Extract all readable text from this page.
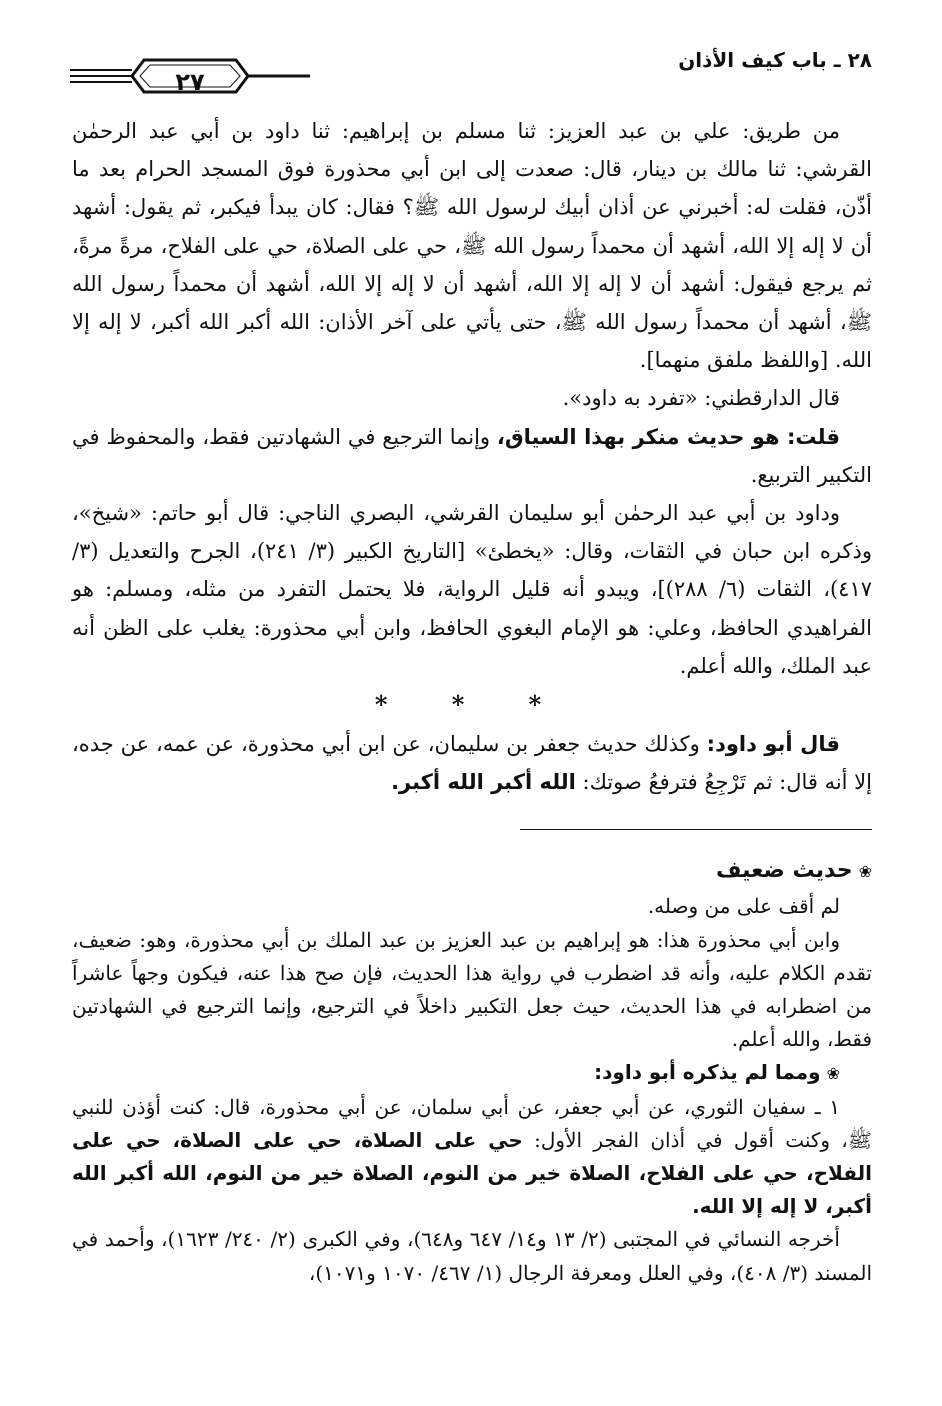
٢٧
٢٨ ـ باب كيف الأذان

من طريق: علي بن عبد العزيز: ثنا مسلم بن إبراهيم: ثنا داود بن أبي عبد الرحمٰن القرشي: ثنا مالك بن دينار، قال: صعدت إلى ابن أبي محذورة فوق المسجد الحرام بعد ما أذّن، فقلت له: أخبرني عن أذان أبيك لرسول الله ﷺ؟ فقال: كان يبدأ فيكبر، ثم يقول: أشهد أن لا إله إلا الله، أشهد أن محمداً رسول الله ﷺ، حي على الصلاة، حي على الفلاح، مرةً مرةً، ثم يرجع فيقول: أشهد أن لا إله إلا الله، أشهد أن لا إله إلا الله، أشهد أن محمداً رسول الله ﷺ، أشهد أن محمداً رسول الله ﷺ، حتى يأتي على آخر الأذان: الله أكبر الله أكبر، لا إله إلا الله. [واللفظ ملفق منهما].

قال الدارقطني: «تفرد به داود».

قلت: هو حديث منكر بهذا السياق، وإنما الترجيع في الشهادتين فقط، والمحفوظ في التكبير التربيع.

وداود بن أبي عبد الرحمٰن أبو سليمان القرشي، البصري الناجي: قال أبو حاتم: «شيخ»، وذكره ابن حبان في الثقات، وقال: «يخطئ» [التاريخ الكبير (٣/ ٢٤١)، الجرح والتعديل (٣/ ٤١٧)، الثقات (٦/ ٢٨٨)]، ويبدو أنه قليل الرواية، فلا يحتمل التفرد من مثله، ومسلم: هو الفراهيدي الحافظ، وعلي: هو الإمام البغوي الحافظ، وابن أبي محذورة: يغلب على الظن أنه عبد الملك، والله أعلم.

* * *

قال أبو داود: وكذلك حديث جعفر بن سليمان، عن ابن أبي محذورة، عن عمه، عن جده، إلا أنه قال: ثم تَرْجِعُ فترفعُ صوتك: الله أكبر الله أكبر.

❀حديث ضعيف

لم أقف على من وصله.

وابن أبي محذورة هذا: هو إبراهيم بن عبد العزيز بن عبد الملك بن أبي محذورة، وهو: ضعيف، تقدم الكلام عليه، وأنه قد اضطرب في رواية هذا الحديث، فإن صح هذا عنه، فيكون وجهاً عاشراً من اضطرابه في هذا الحديث، حيث جعل التكبير داخلاً في الترجيع، وإنما الترجيع في الشهادتين فقط، والله أعلم.

❀ومما لم يذكره أبو داود:

١ ـ سفيان الثوري، عن أبي جعفر، عن أبي سلمان، عن أبي محذورة، قال: كنت أؤذن للنبي ﷺ، وكنت أقول في أذان الفجر الأول: حي على الصلاة، حي على الصلاة، حي على الفلاح، حي على الفلاح، الصلاة خير من النوم، الصلاة خير من النوم، الله أكبر الله أكبر، لا إله إلا الله.

أخرجه النسائي في المجتبى (٢/ ١٣ و١٤/ ٦٤٧ و٦٤٨)، وفي الكبرى (٢/ ٢٤٠/ ١٦٢٣)، وأحمد في المسند (٣/ ٤٠٨)، وفي العلل ومعرفة الرجال (١/ ٤٦٧/ ١٠٧٠ و١٠٧١)،
